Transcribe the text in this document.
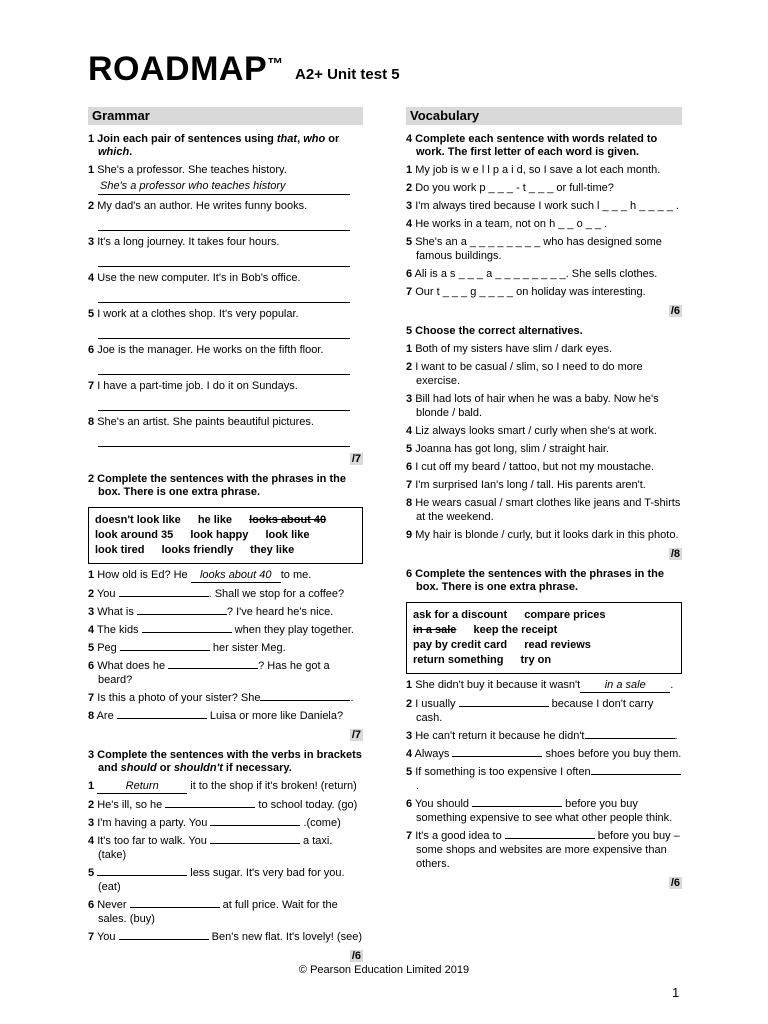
ROADMAP™
A2+ Unit test 5
Grammar
1 Join each pair of sentences using that, who or which.
1 She's a professor. She teaches history.
She's a professor who teaches history
2 My dad's an author. He writes funny books.
3 It's a long journey. It takes four hours.
4 Use the new computer. It's in Bob's office.
5 I work at a clothes shop. It's very popular.
6 Joe is the manager. He works on the fifth floor.
7 I have a part-time job. I do it on Sundays.
8 She's an artist. She paints beautiful pictures.
/7
2 Complete the sentences with the phrases in the box. There is one extra phrase.
doesn't look like he like looks about 40 look around 35 look happy look like look tired looks friendly they like
1 How old is Ed? He looks about 40 to me.
2 You	. Shall we stop for a coffee?
3 What is	? I've heard he's nice.
4 The kids	when they play together.
5 Peg	her sister Meg.
6 What does he	? Has he got a beard?
7 Is this a photo of your sister? She	.
8 Are	Luisa or more like Daniela?
/7
3 Complete the sentences with the verbs in brackets and should or shouldn't if necessary.
1	Return	it to the shop if it's broken! (return)
2 He's ill, so he	to school today. (go)
3 I'm having a party. You	.(come)
4 It's too far to walk. You	a taxi. (take)
5	less sugar. It's very bad for you. (eat)
6 Never	at full price. Wait for the sales. (buy)
7 You	Ben's new flat. It's lovely! (see)
/6
Vocabulary
4 Complete each sentence with words related to work. The first letter of each word is given.
1 My job is w e l l p a i d, so I save a lot each month.
2 Do you work p _ _ _ - t _ _ _ or full-time?
3 I'm always tired because I work such l _ _ _ h _ _ _ _ .
4 He works in a team, not on h _ _ o _ _ .
5 She's an a _ _ _ _ _ _ _ _ who has designed some famous buildings.
6 Ali is a s _ _ _ a _ _ _ _ _ _ _ _. She sells clothes.
7 Our t _ _ _ g _ _ _ _ on holiday was interesting.
/6
5 Choose the correct alternatives.
1 Both of my sisters have slim / dark eyes.
2 I want to be casual / slim, so I need to do more exercise.
3 Bill had lots of hair when he was a baby. Now he's blonde / bald.
4 Liz always looks smart / curly when she's at work.
5 Joanna has got long, slim / straight hair.
6 I cut off my beard / tattoo, but not my moustache.
7 I'm surprised Ian's long / tall. His parents aren't.
8 He wears casual / smart clothes like jeans and T-shirts at the weekend.
9 My hair is blonde / curly, but it looks dark in this photo.
/8
6 Complete the sentences with the phrases in the box. There is one extra phrase.
ask for a discount compare prices in a sale keep the receipt pay by credit card read reviews return something try on
1 She didn't buy it because it wasn't in a sale .
2 I usually	because I don't carry cash.
3 He can't return it because he didn't	.
4 Always	shoes before you buy them.
5 If something is too expensive I often.
6 You should	before you buy something expensive to see what other people think.
7 It's a good idea to	before you buy – some shops and websites are more expensive than others.
/6
© Pearson Education Limited 2019
1
